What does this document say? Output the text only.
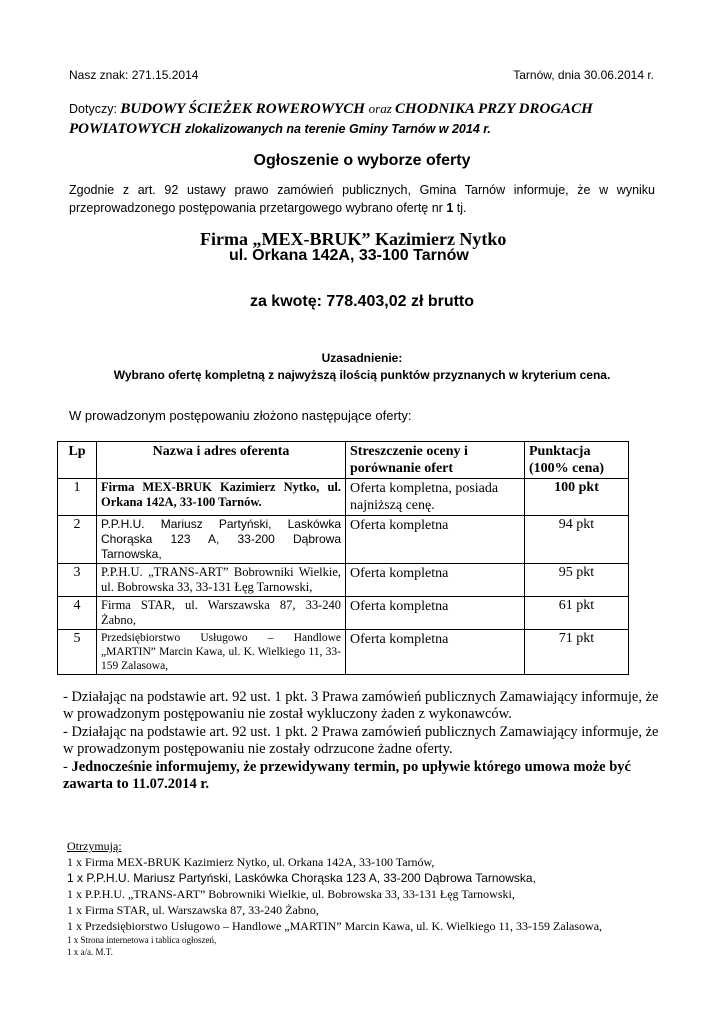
Nasz znak: 271.15.2014	Tarnów, dnia 30.06.2014 r.
Dotyczy: BUDOWY ŚCIEŻEK ROWEROWYCH oraz CHODNIKA PRZY DROGACH POWIATOWYCH zlokalizowanych na terenie Gminy Tarnów w 2014 r.
Ogłoszenie o wyborze oferty
Zgodnie z art. 92 ustawy prawo zamówień publicznych, Gmina Tarnów informuje, że w wyniku przeprowadzonego postępowania przetargowego wybrano ofertę nr 1 tj.
Firma „MEX-BRUK” Kazimierz Nytko
ul. Orkana 142A, 33-100 Tarnów
za kwotę: 778.403,02 zł brutto
Uzasadnienie:
Wybrano ofertę kompletną z najwyższą ilością punktów przyznanych w kryterium cena.
W prowadzonym postępowaniu złożono następujące oferty:
Lp	Nazwa i adres oferenta	Streszczenie oceny i porównanie ofert	Punktacja (100% cena)
1	Firma MEX-BRUK Kazimierz Nytko, ul. Orkana 142A, 33-100 Tarnów.	Oferta kompletna, posiada najniższą cenę.	100 pkt
2	P.P.H.U. Mariusz Partyński, Laskówka Chorąska 123 A, 33-200 Dąbrowa Tarnowska,	Oferta kompletna	94 pkt
3	P.P.H.U. „TRANS-ART” Bobrowniki Wielkie, ul. Bobrowska 33, 33-131 Łęg Tarnowski,	Oferta kompletna	95 pkt
4	Firma STAR, ul. Warszawska 87, 33-240 Żabno,	Oferta kompletna	61 pkt
5	Przedsiębiorstwo Usługowo – Handlowe „MARTIN” Marcin Kawa, ul. K. Wielkiego 11, 33-159 Zalasowa,	Oferta kompletna	71 pkt

- Działając na podstawie art. 92 ust. 1 pkt. 3 Prawa zamówień publicznych Zamawiający informuje, że w prowadzonym postępowaniu nie został wykluczony żaden z wykonawców.

- Działając na podstawie art. 92 ust. 1 pkt. 2 Prawa zamówień publicznych Zamawiający informuje, że w prowadzonym postępowaniu nie zostały odrzucone żadne oferty.

- Jednocześnie informujemy, że przewidywany termin, po upływie którego umowa może być zawarta to 11.07.2014 r.

Otrzymują:

1 x Firma MEX-BRUK Kazimierz Nytko, ul. Orkana 142A, 33-100 Tarnów,

1 x P.P.H.U. Mariusz Partyński, Laskówka Chorąska 123 A, 33-200 Dąbrowa Tarnowska,

1 x P.P.H.U. „TRANS-ART” Bobrowniki Wielkie, ul. Bobrowska 33, 33-131 Łęg Tarnowski,

1 x Firma STAR, ul. Warszawska 87, 33-240 Żabno,

1 x Przedsiębiorstwo Usługowo – Handlowe „MARTIN” Marcin Kawa, ul. K. Wielkiego 11, 33-159 Zalasowa,

1 x Strona internetowa i tablica ogłoszeń,

1 x a/a. M.T.
